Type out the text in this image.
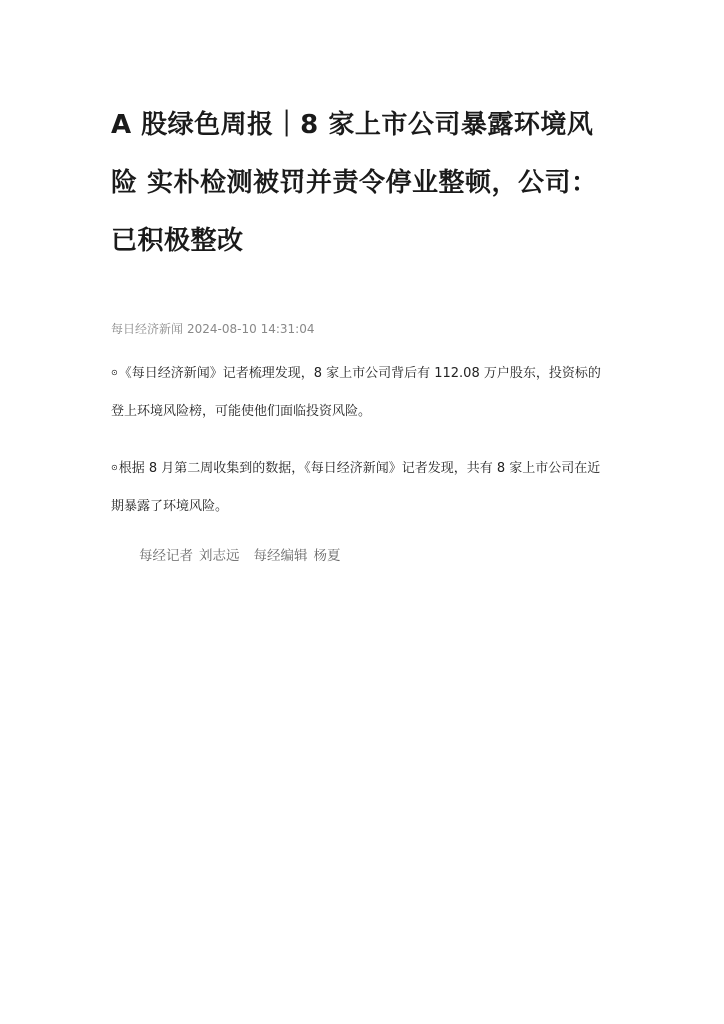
A 股绿色周报｜8 家上市公司暴露环境风险 实朴检测被罚并责令停业整顿，公司：已积极整改
每日经济新闻 2024-08-10 14:31:04

⊙《每日经济新闻》记者梳理发现，8 家上市公司背后有 112.08 万户股东，投资标的登上环境风险榜，可能使他们面临投资风险。

⊙根据 8 月第二周收集到的数据，《每日经济新闻》记者发现，共有 8 家上市公司在近期暴露了环境风险。

每经记者 刘志远 每经编辑 杨夏
